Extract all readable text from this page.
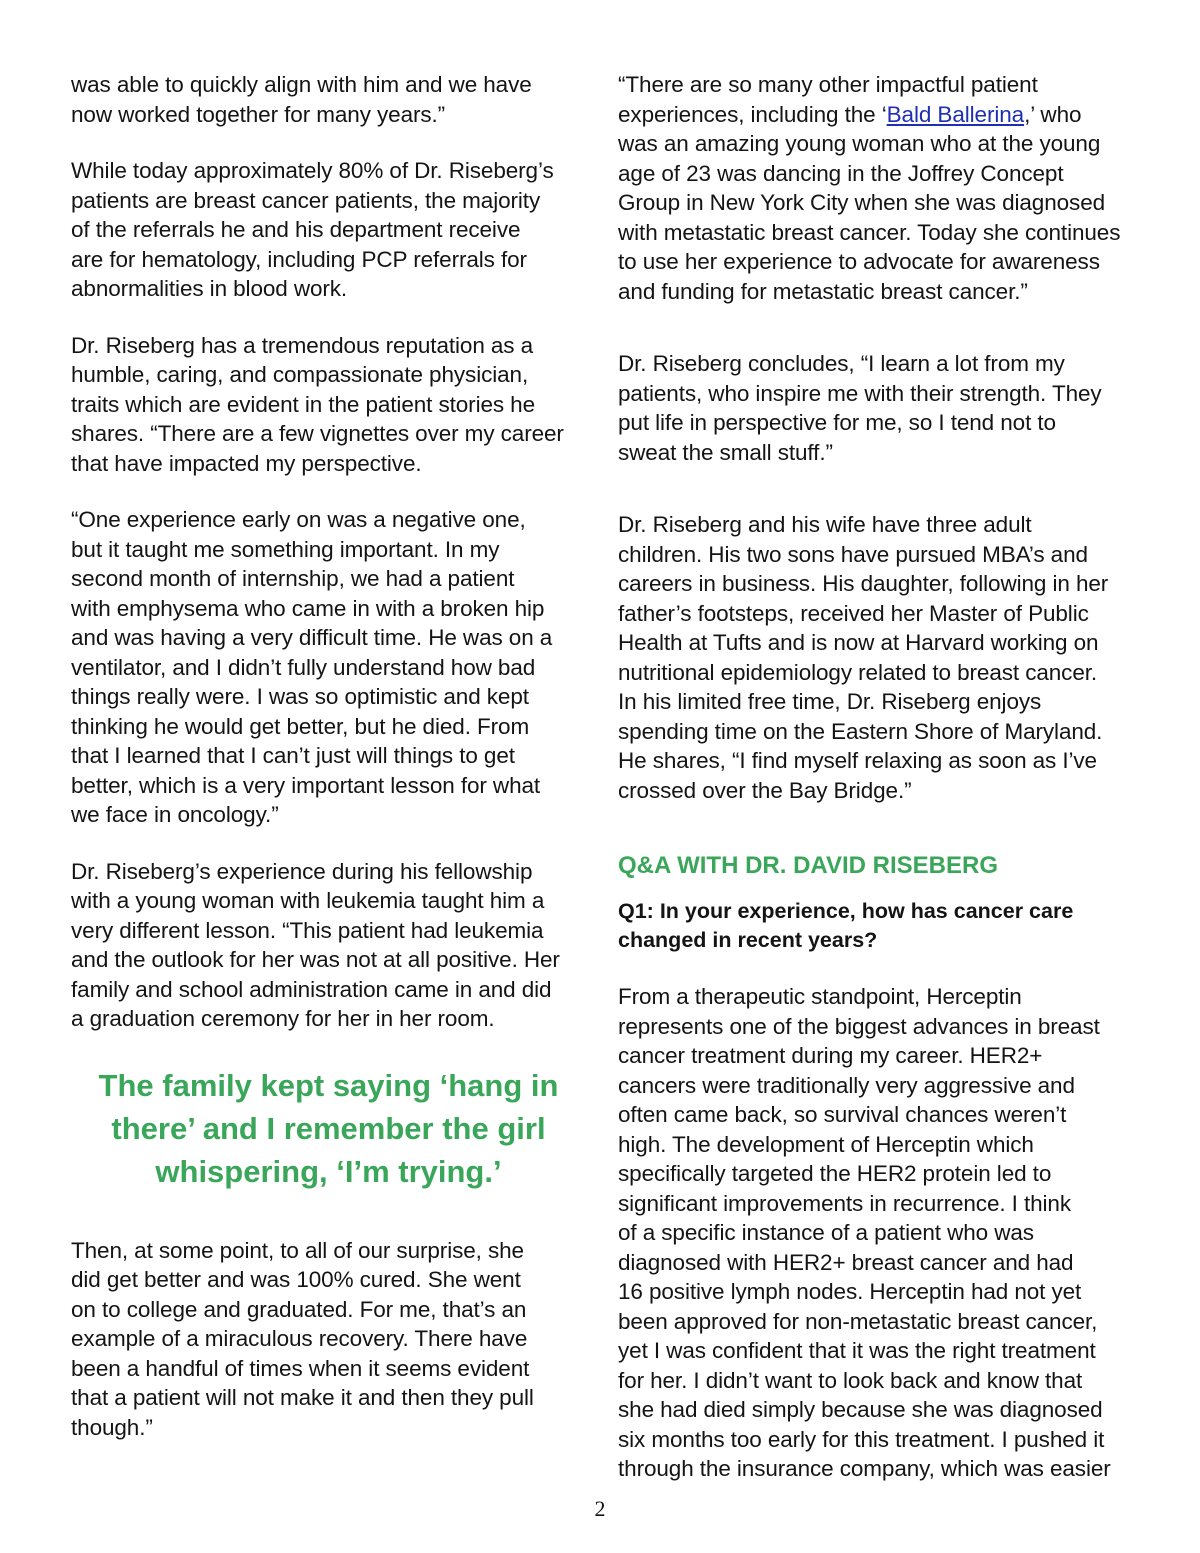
was able to quickly align with him and we have
now worked together for many years.”

While today approximately 80% of Dr. Riseberg’s
patients are breast cancer patients, the majority
of the referrals he and his department receive
are for hematology, including PCP referrals for
abnormalities in blood work.

Dr. Riseberg has a tremendous reputation as a
humble, caring, and compassionate physician,
traits which are evident in the patient stories he
shares. “There are a few vignettes over my career
that have impacted my perspective.

“One experience early on was a negative one,
but it taught me something important. In my
second month of internship, we had a patient
with emphysema who came in with a broken hip
and was having a very difficult time. He was on a
ventilator, and I didn’t fully understand how bad
things really were. I was so optimistic and kept
thinking he would get better, but he died. From
that I learned that I can’t just will things to get
better, which is a very important lesson for what
we face in oncology.”

Dr. Riseberg’s experience during his fellowship
with a young woman with leukemia taught him a
very different lesson. “This patient had leukemia
and the outlook for her was not at all positive. Her
family and school administration came in and did
a graduation ceremony for her in her room.

The family kept saying ‘hang in
there’ and I remember the girl
whispering, ‘I’m trying.’

Then, at some point, to all of our surprise, she
did get better and was 100% cured. She went
on to college and graduated. For me, that’s an
example of a miraculous recovery. There have
been a handful of times when it seems evident
that a patient will not make it and then they pull
though.”

“There are so many other impactful patient
experiences, including the ‘Bald Ballerina,’ who
was an amazing young woman who at the young
age of 23 was dancing in the Joffrey Concept
Group in New York City when she was diagnosed
with metastatic breast cancer. Today she continues
to use her experience to advocate for awareness
and funding for metastatic breast cancer.”

Dr. Riseberg concludes, “I learn a lot from my
patients, who inspire me with their strength. They
put life in perspective for me, so I tend not to
sweat the small stuff.”

Dr. Riseberg and his wife have three adult
children. His two sons have pursued MBA’s and
careers in business. His daughter, following in her
father’s footsteps, received her Master of Public
Health at Tufts and is now at Harvard working on
nutritional epidemiology related to breast cancer.
In his limited free time, Dr. Riseberg enjoys
spending time on the Eastern Shore of Maryland.
He shares, “I find myself relaxing as soon as I’ve
crossed over the Bay Bridge.”

Q&A WITH DR. DAVID RISEBERG
Q1: In your experience, how has cancer care
changed in recent years?

From a therapeutic standpoint, Herceptin
represents one of the biggest advances in breast
cancer treatment during my career. HER2+
cancers were traditionally very aggressive and
often came back, so survival chances weren’t
high. The development of Herceptin which
specifically targeted the HER2 protein led to
significant improvements in recurrence. I think
of a specific instance of a patient who was
diagnosed with HER2+ breast cancer and had
16 positive lymph nodes. Herceptin had not yet
been approved for non-metastatic breast cancer,
yet I was confident that it was the right treatment
for her. I didn’t want to look back and know that
she had died simply because she was diagnosed
six months too early for this treatment. I pushed it
through the insurance company, which was easier

2
